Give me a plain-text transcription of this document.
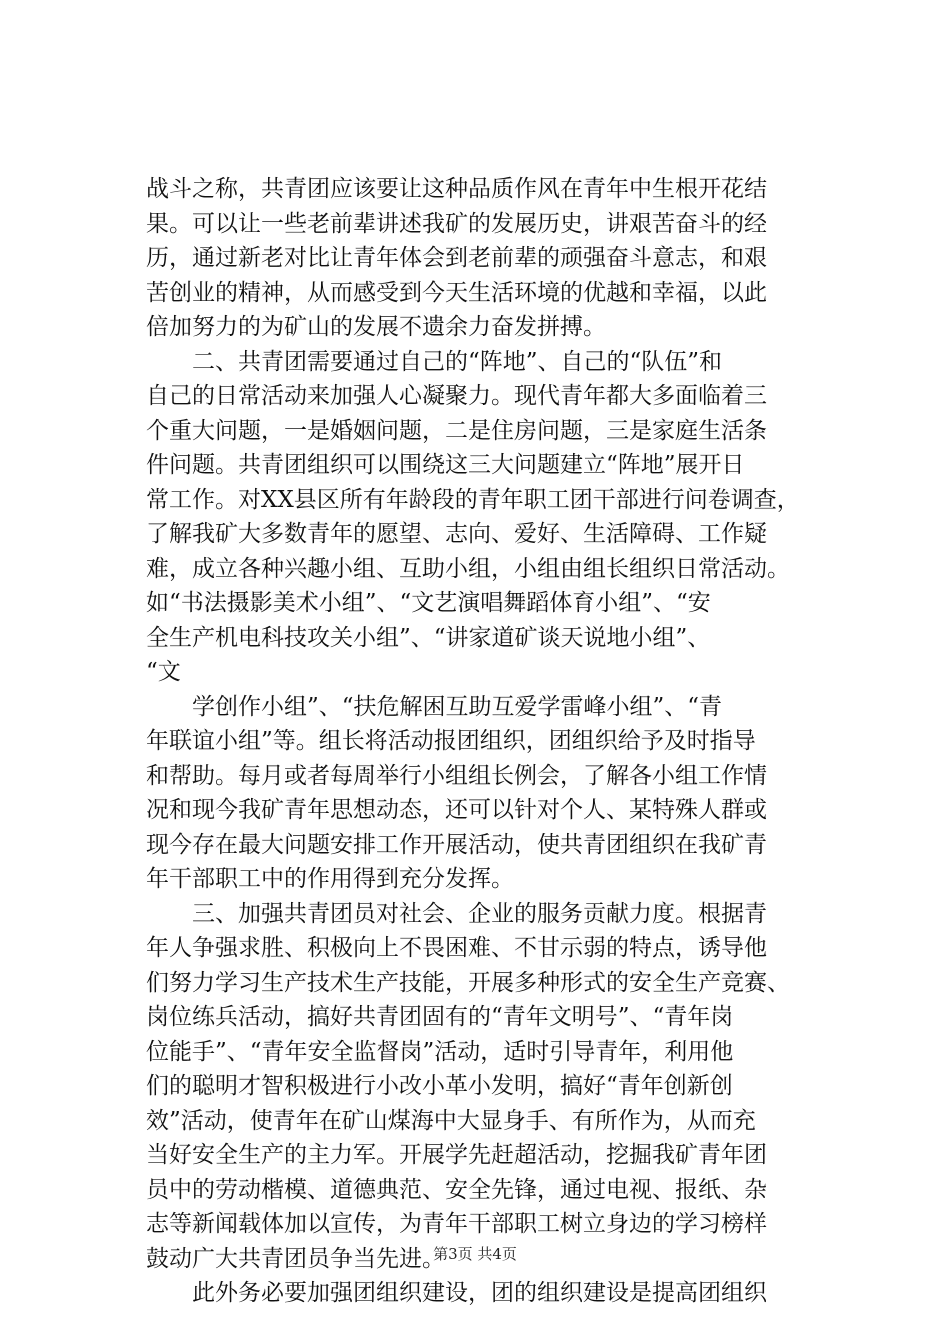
战斗之称，共青团应该要让这种品质作风在青年中生根开花结
果。可以让一些老前辈讲述我矿的发展历史，讲艰苦奋斗的经
历，通过新老对比让青年体会到老前辈的顽强奋斗意志，和艰
苦创业的精神，从而感受到今天生活环境的优越和幸福，以此
倍加努力的为矿山的发展不遗余力奋发拼搏。
二、共青团需要通过自己的“阵地”、自己的“队伍”和
自己的日常活动来加强人心凝聚力。现代青年都大多面临着三
个重大问题，一是婚姻问题，二是住房问题，三是家庭生活条
件问题。共青团组织可以围绕这三大问题建立“阵地”展开日
常工作。对XX县区所有年龄段的青年职工团干部进行问卷调查，
了解我矿大多数青年的愿望、志向、爱好、生活障碍、工作疑
难，成立各种兴趣小组、互助小组，小组由组长组织日常活动。
如“书法摄影美术小组”、“文艺演唱舞蹈体育小组”、“安
全生产机电科技攻关小组”、“讲家道矿谈天说地小组”、
“文
学创作小组”、“扶危解困互助互爱学雷峰小组”、“青
年联谊小组”等。组长将活动报团组织，团组织给予及时指导
和帮助。每月或者每周举行小组组长例会，了解各小组工作情
况和现今我矿青年思想动态，还可以针对个人、某特殊人群或
现今存在最大问题安排工作开展活动，使共青团组织在我矿青
年干部职工中的作用得到充分发挥。
三、加强共青团员对社会、企业的服务贡献力度。根据青
年人争强求胜、积极向上不畏困难、不甘示弱的特点，诱导他
们努力学习生产技术生产技能，开展多种形式的安全生产竞赛、
岗位练兵活动，搞好共青团固有的“青年文明号”、“青年岗
位能手”、“青年安全监督岗”活动，适时引导青年，利用他
们的聪明才智积极进行小改小革小发明，搞好“青年创新创
效”活动，使青年在矿山煤海中大显身手、有所作为，从而充
当好安全生产的主力军。开展学先赶超活动，挖掘我矿青年团
员中的劳动楷模、道德典范、安全先锋，通过电视、报纸、杂
志等新闻载体加以宣传，为青年干部职工树立身边的学习榜样
鼓动广大共青团员争当先进。
此外务必要加强团组织建设，团的组织建设是提高团组织
第3页 共4页
